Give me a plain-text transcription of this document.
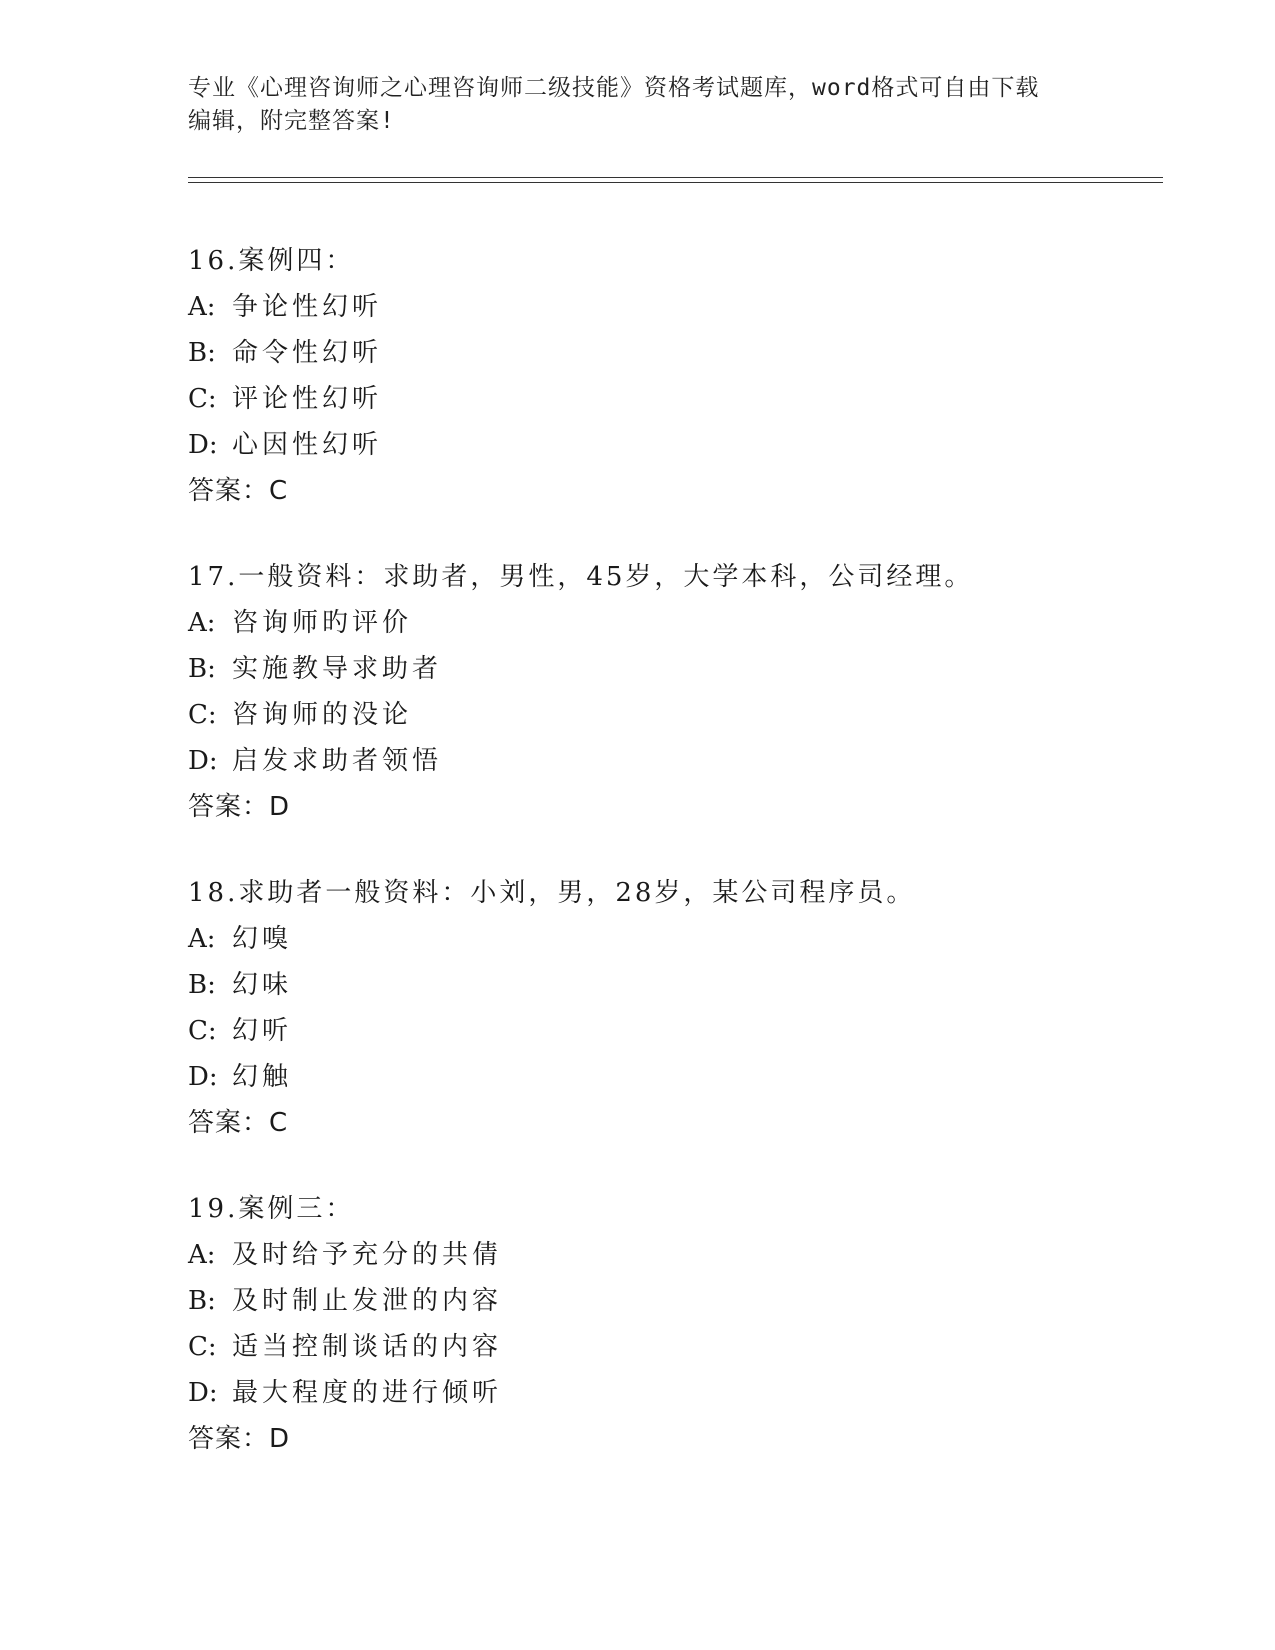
专业《心理咨询师之心理咨询师二级技能》资格考试题库，word格式可自由下载
编辑，附完整答案!
16.案例四：
A: 争论性幻听
B: 命令性幻听
C: 评论性幻听
D: 心因性幻听
答案：C
17.一般资料：求助者，男性，45岁，大学本科，公司经理。
A: 咨询师旳评价
B: 实施教导求助者
C: 咨询师的没论
D: 启发求助者领悟
答案：D
18.求助者一般资料：小刘，男，28岁，某公司程序员。
A: 幻嗅
B: 幻味
C: 幻听
D: 幻触
答案：C
19.案例三：
A: 及时给予充分的共倩
B: 及时制止发泄的内容
C: 适当控制谈话的内容
D: 最大程度的进行倾听
答案：D
